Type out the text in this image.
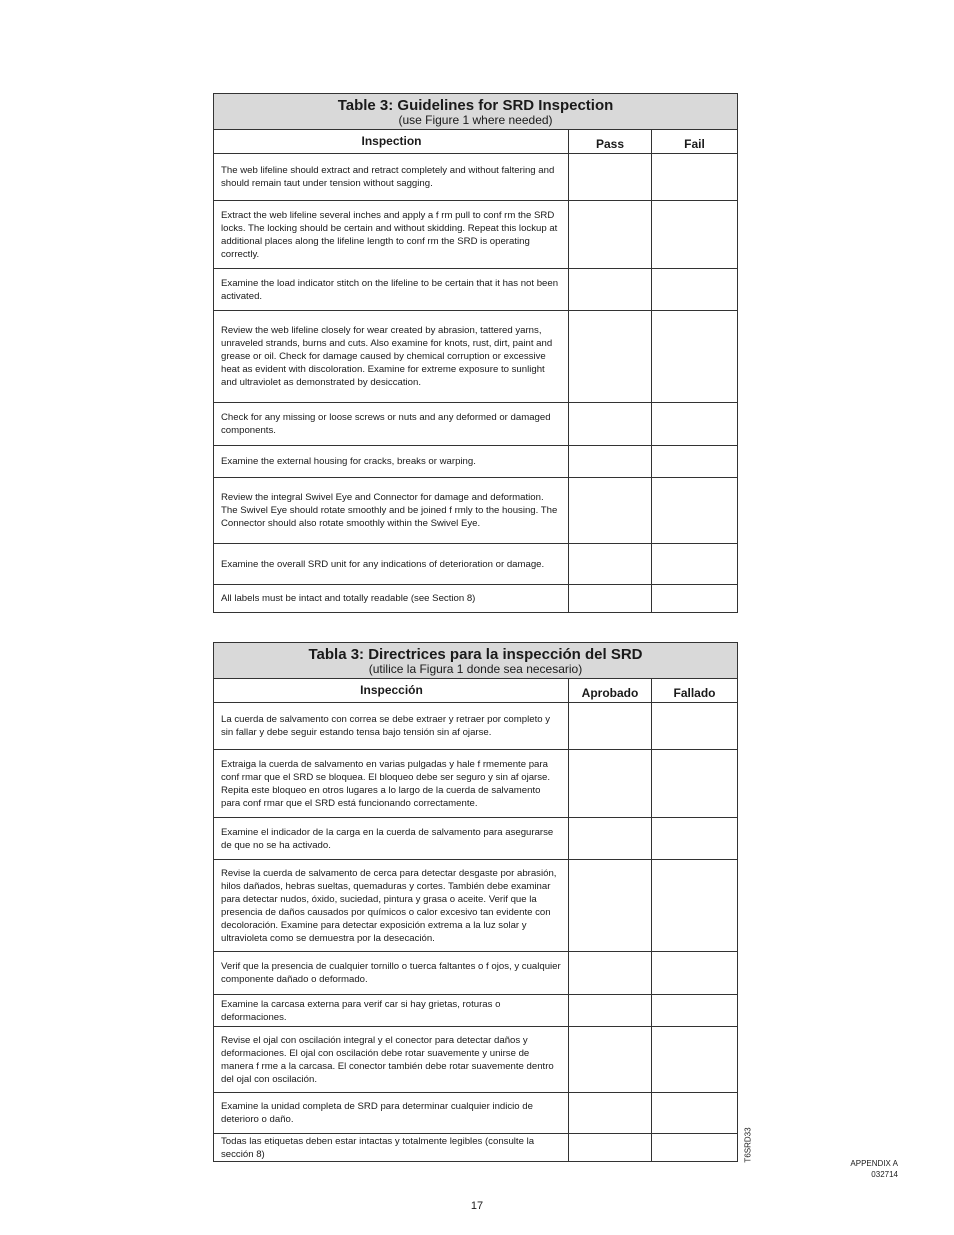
Table 3: Guidelines for SRD Inspection
(use Figure 1 where needed)
Inspection	Pass	Fail
The web lifeline should extract and retract completely and without faltering and should remain taut under tension without sagging.
Extract the web lifeline several inches and apply a f rm pull to conf rm the SRD locks. The locking should be certain and without skidding. Repeat this lockup at additional places along the lifeline length to conf rm the SRD is operating correctly.
Examine the load indicator stitch on the lifeline to be certain that it has not been activated.
Review the web lifeline closely for wear created by abrasion, tattered yarns, unraveled strands, burns and cuts. Also examine for knots, rust, dirt, paint and grease or oil. Check for damage caused by chemical corruption or excessive heat as evident with discoloration. Examine for extreme exposure to sunlight and ultraviolet as demonstrated by desiccation.
Check for any missing or loose screws or nuts and any deformed or damaged components.
Examine the external housing for cracks, breaks or warping.
Review the integral Swivel Eye and Connector for damage and deformation. The Swivel Eye should rotate smoothly and be joined f rmly to the housing. The Connector should also rotate smoothly within the Swivel Eye.
Examine the overall SRD unit for any indications of deterioration or damage.
All labels must be intact and totally readable (see Section 8)
Tabla 3: Directrices para la inspección del SRD
(utilice la Figura 1 donde sea necesario)
Inspección	Aprobado	Fallado
La cuerda de salvamento con correa se debe extraer y retraer por completo y sin fallar y debe seguir estando tensa bajo tensión sin af ojarse.
Extraiga la cuerda de salvamento en varias pulgadas y hale f rmemente para conf rmar que el SRD se bloquea. El bloqueo debe ser seguro y sin af ojarse. Repita este bloqueo en otros lugares a lo largo de la cuerda de salvamento para conf rmar que el SRD está funcionando correctamente.
Examine el indicador de la carga en la cuerda de salvamento para asegurarse de que no se ha activado.
Revise la cuerda de salvamento de cerca para detectar desgaste por abrasión, hilos dañados, hebras sueltas, quemaduras y cortes. También debe examinar para detectar nudos, óxido, suciedad, pintura y grasa o aceite. Verif que la presencia de daños causados por químicos o calor excesivo tan evidente con decoloración. Examine para detectar exposición extrema a la luz solar y ultravioleta como se demuestra por la desecación.
Verif que la presencia de cualquier tornillo o tuerca faltantes o f ojos, y cualquier componente dañado o deformado.
Examine la carcasa externa para verif car si hay grietas, roturas o deformaciones.
Revise el ojal con oscilación integral y el conector para detectar daños y deformaciones. El ojal con oscilación debe rotar suavemente y unirse de manera f rme a la carcasa. El conector también debe rotar suavemente dentro del ojal con oscilación.
Examine la unidad completa de SRD para determinar cualquier indicio de deterioro o daño.
Todas las etiquetas deben estar intactas y totalmente legibles (consulte la sección 8)	T6SRD33
APPENDIX A
032714
17
